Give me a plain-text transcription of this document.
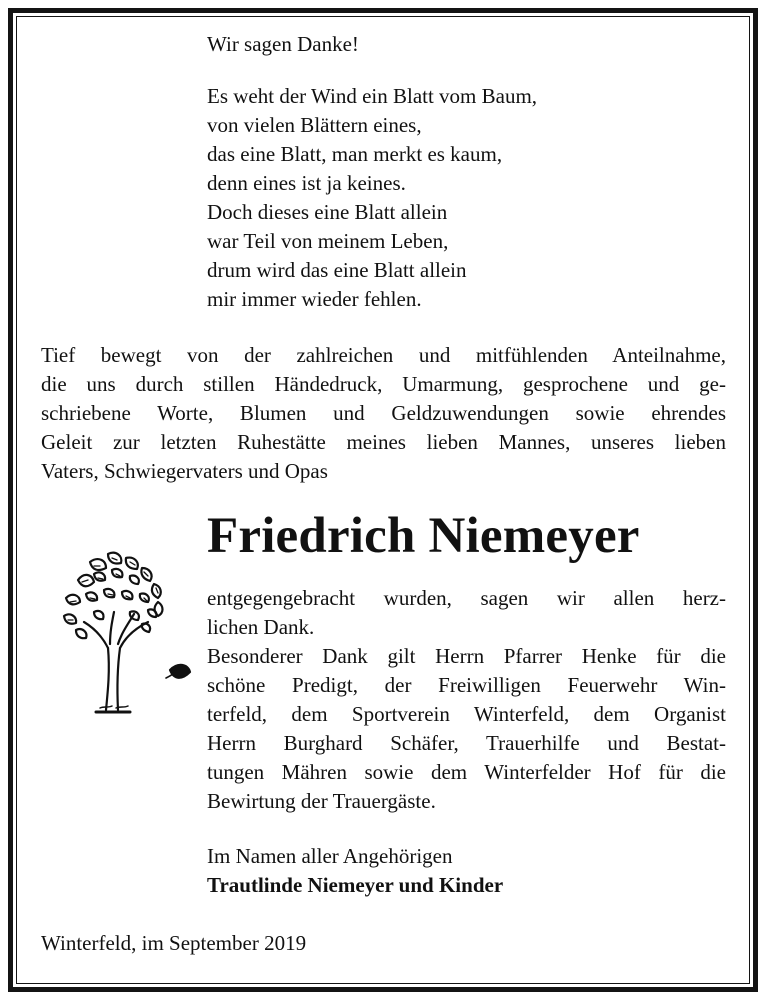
Wir sagen Danke!

Es weht der Wind ein Blatt vom Baum,
von vielen Blättern eines,
das eine Blatt, man merkt es kaum,
denn eines ist ja keines.
Doch dieses eine Blatt allein
war Teil von meinem Leben,
drum wird das eine Blatt allein
mir immer wieder fehlen.
Tief bewegt von der zahlreichen und mitfühlenden Anteilnahme,
die uns durch stillen Händedruck, Umarmung, gesprochene und ge-
schriebene Worte, Blumen und Geldzuwendungen sowie ehrendes
Geleit zur letzten Ruhestätte meines lieben Mannes, unseres lieben
Vaters, Schwiegervaters und Opas
Friedrich Niemeyer
entgegengebracht wurden, sagen wir allen herz-
lichen Dank.
Besonderer Dank gilt Herrn Pfarrer Henke für die
schöne Predigt, der Freiwilligen Feuerwehr Win-
terfeld, dem Sportverein Winterfeld, dem Organist
Herrn Burghard Schäfer, Trauerhilfe und Bestat-
tungen Mähren sowie dem Winterfelder Hof für die
Bewirtung der Trauergäste.

Im Namen aller Angehörigen

Trautlinde Niemeyer und Kinder

Winterfeld, im September 2019
